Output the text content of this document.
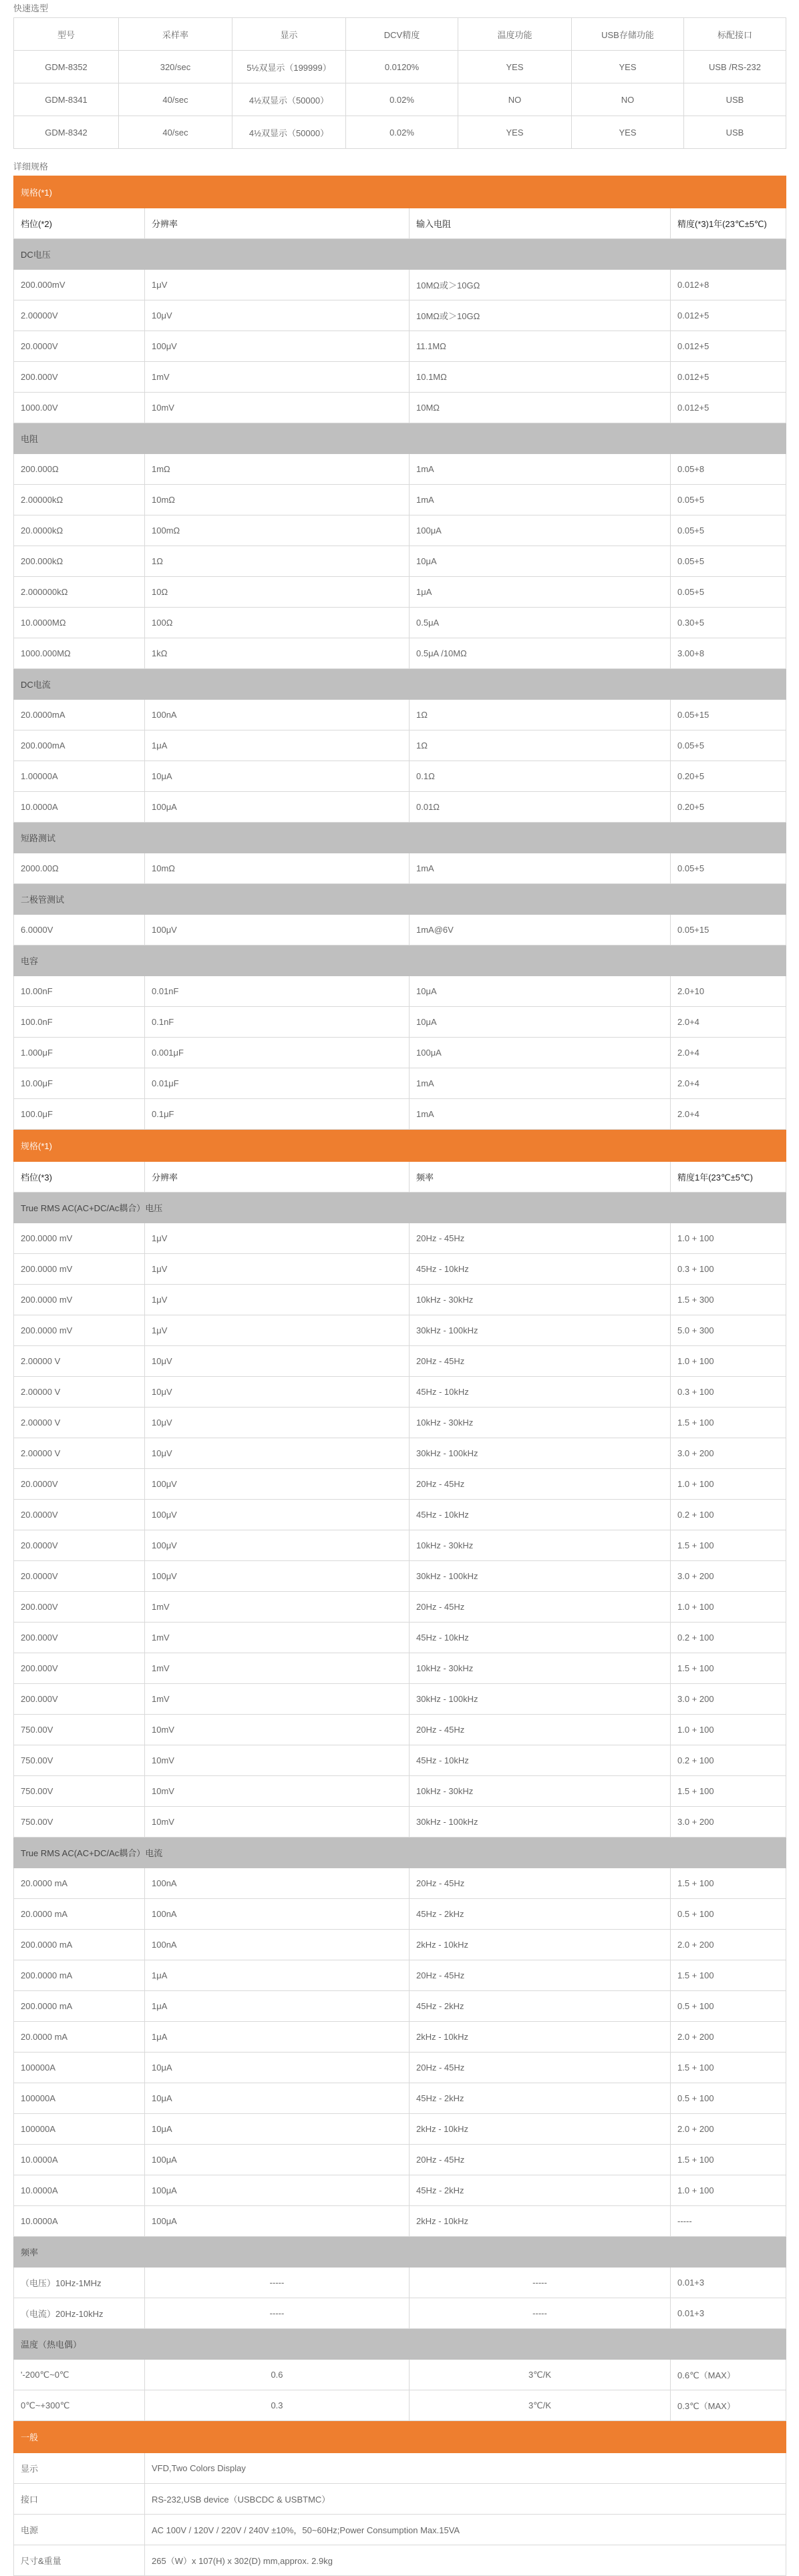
快速选型
型号	采样率	显示	DCV精度	温度功能	USB存储功能	标配接口
GDM-8352	320/sec	5½双显示（199999）	0.0120%	YES	YES	USB /RS-232
GDM-8341	40/sec	4½双显示（50000）	0.02%	NO	NO	USB
GDM-8342	40/sec	4½双显示（50000）	0.02%	YES	YES	USB
详细规格
规格(*1)			
档位(*2)	分辨率	输入电阻	精度(*3)1年(23℃±5℃)
DC电压			
200.000mV	1μV	10MΩ或＞10GΩ	0.012+8
2.00000V	10μV	10MΩ或＞10GΩ	0.012+5
20.0000V	100μV	11.1MΩ	0.012+5
200.000V	1mV	10.1MΩ	0.012+5
1000.00V	10mV	10MΩ	0.012+5
电阻			
200.000Ω	1mΩ	1mA	0.05+8
2.00000kΩ	10mΩ	1mA	0.05+5
20.0000kΩ	100mΩ	100μA	0.05+5
200.000kΩ	1Ω	10μA	0.05+5
2.000000kΩ	10Ω	1μA	0.05+5
10.0000MΩ	100Ω	0.5μA	0.30+5
1000.000MΩ	1kΩ	0.5μA /10MΩ	3.00+8
DC电流			
20.0000mA	100nA	1Ω	0.05+15
200.000mA	1μA	1Ω	0.05+5
1.00000A	10μA	0.1Ω	0.20+5
10.0000A	100μA	0.01Ω	0.20+5
短路测试			
2000.00Ω	10mΩ	1mA	0.05+5
二极管测试			
6.0000V	100μV	1mA@6V	0.05+15
电容			
10.00nF	0.01nF	10μA	2.0+10
100.0nF	0.1nF	10μA	2.0+4
1.000μF	0.001μF	100μA	2.0+4
10.00μF	0.01μF	1mA	2.0+4
100.0μF	0.1μF	1mA	2.0+4
规格(*1)			
档位(*3)	分辨率	频率	精度1年(23℃±5℃)
True RMS AC(AC+DC/Ac耦合）电压			
200.0000 mV	1μV	20Hz - 45Hz	1.0 + 100
200.0000 mV	1μV	45Hz - 10kHz	0.3 + 100
200.0000 mV	1μV	10kHz - 30kHz	1.5 + 300
200.0000 mV	1μV	30kHz - 100kHz	5.0 + 300
2.00000 V	10μV	20Hz - 45Hz	1.0 + 100
2.00000 V	10μV	45Hz - 10kHz	0.3 + 100
2.00000 V	10μV	10kHz - 30kHz	1.5 + 100
2.00000 V	10μV	30kHz - 100kHz	3.0 + 200
20.0000V	100μV	20Hz - 45Hz	1.0 + 100
20.0000V	100μV	45Hz - 10kHz	0.2 + 100
20.0000V	100μV	10kHz - 30kHz	1.5 + 100
20.0000V	100μV	30kHz - 100kHz	3.0 + 200
200.000V	1mV	20Hz - 45Hz	1.0 + 100
200.000V	1mV	45Hz - 10kHz	0.2 + 100
200.000V	1mV	10kHz - 30kHz	1.5 + 100
200.000V	1mV	30kHz - 100kHz	3.0 + 200
750.00V	10mV	20Hz - 45Hz	1.0 + 100
750.00V	10mV	45Hz - 10kHz	0.2 + 100
750.00V	10mV	10kHz - 30kHz	1.5 + 100
750.00V	10mV	30kHz - 100kHz	3.0 + 200
True RMS AC(AC+DC/Ac耦合）电流			
20.0000 mA	100nA	20Hz - 45Hz	1.5 + 100
20.0000 mA	100nA	45Hz - 2kHz	0.5 + 100
200.0000 mA	100nA	2kHz - 10kHz	2.0 + 200
200.0000 mA	1μA	20Hz - 45Hz	1.5 + 100
200.0000 mA	1μA	45Hz - 2kHz	0.5 + 100
20.0000 mA	1μA	2kHz - 10kHz	2.0 + 200
100000A	10μA	20Hz - 45Hz	1.5 + 100
100000A	10μA	45Hz - 2kHz	0.5 + 100
100000A	10μA	2kHz - 10kHz	2.0 + 200
10.0000A	100μA	20Hz - 45Hz	1.5 + 100
10.0000A	100μA	45Hz - 2kHz	1.0 + 100
10.0000A	100μA	2kHz - 10kHz	-----
频率			
（电压）10Hz-1MHz	-----	-----	0.01+3
（电流）20Hz-10kHz	-----	-----	0.01+3
温度（热电偶）			
'-200℃~0℃	0.6	3℃/K	0.6℃（MAX）
0℃~+300℃	0.3	3℃/K	0.3℃（MAX）
一般			
显示	VFD,Two Colors Display		
接口	RS-232,USB device（USBCDC & USBTMC）		
电源	AC 100V / 120V / 220V / 240V ±10%，50~60Hz;Power Consumption Max.15VA		
尺寸&重量	265（W）x 107(H) x 302(D) mm,approx. 2.9kg		
